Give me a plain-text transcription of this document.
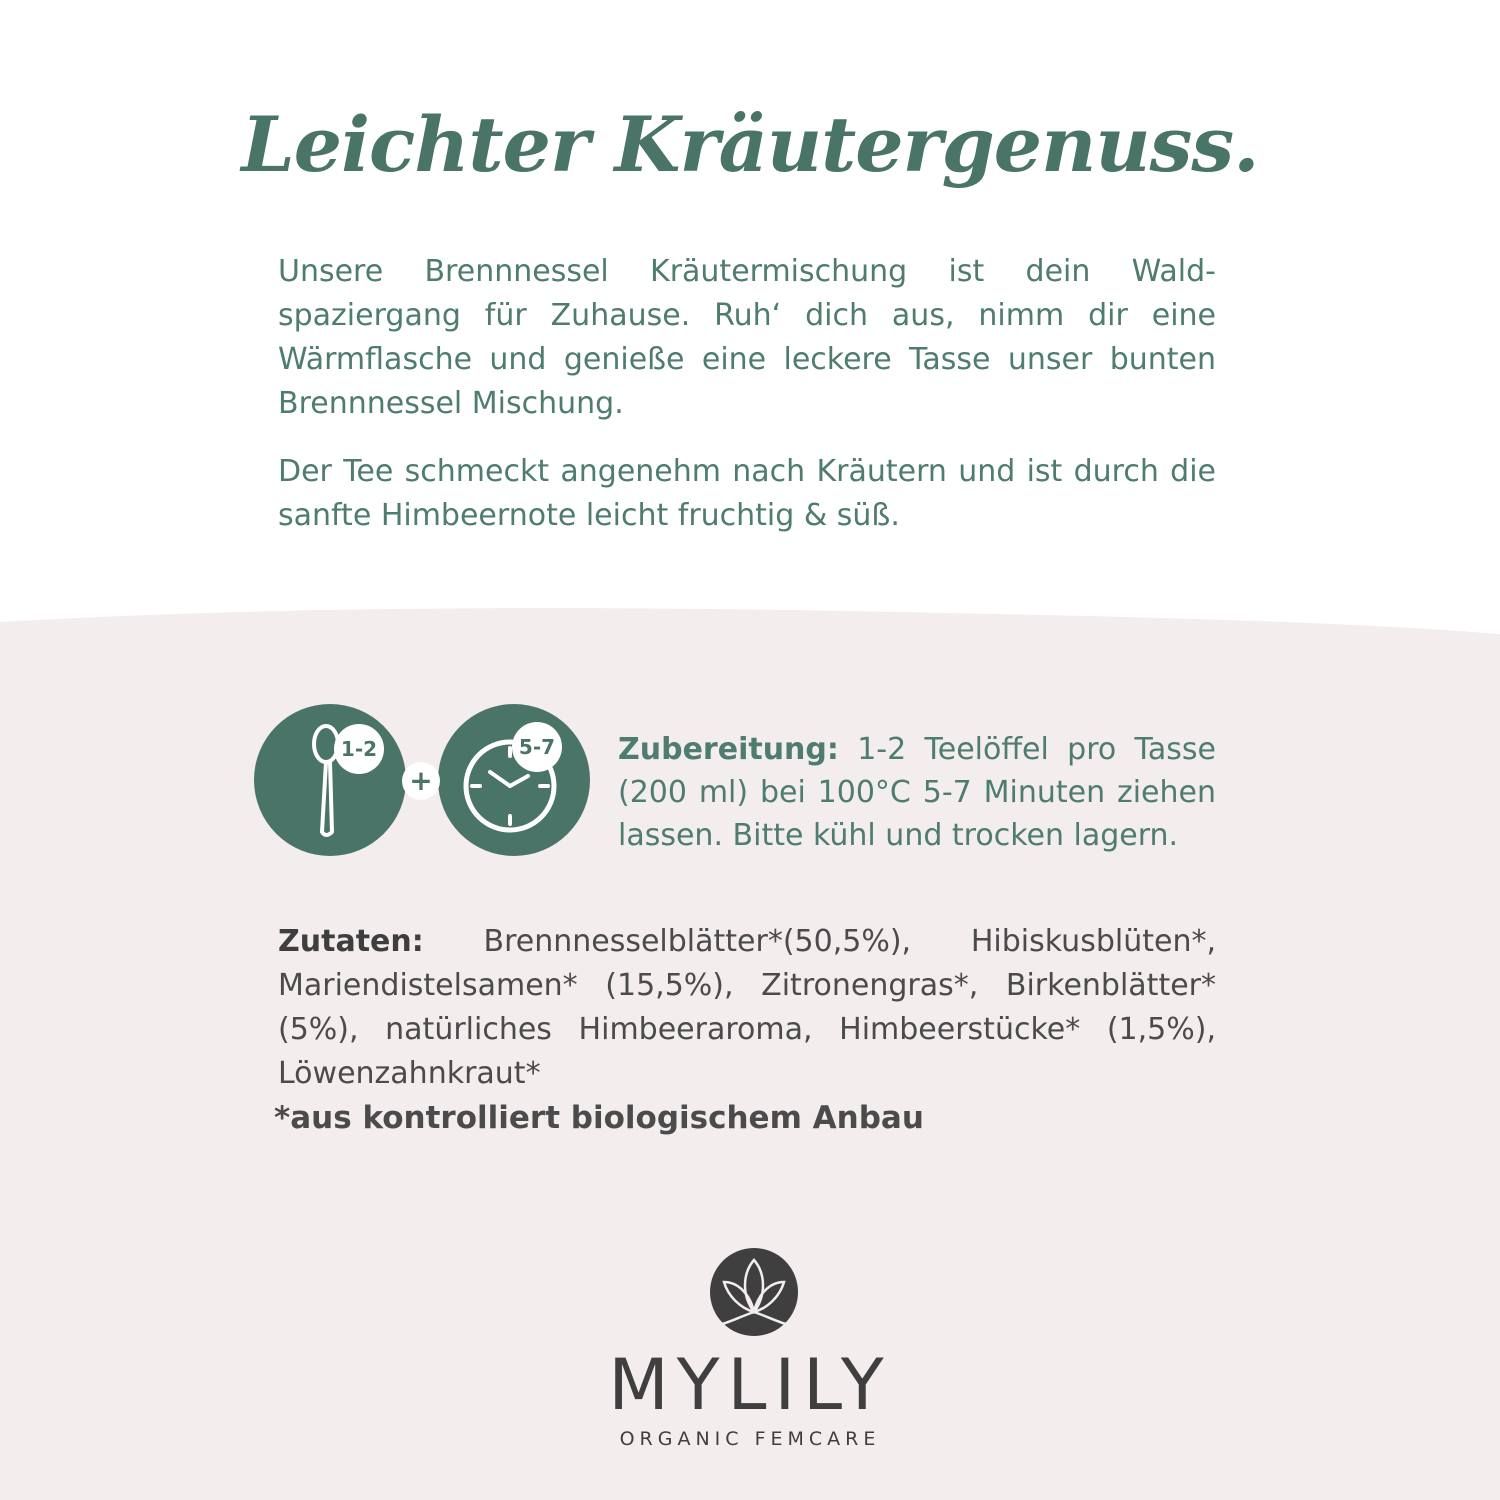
Leichter Kräutergenuss.

Unsere Brennnessel Kräutermischung ist dein Wald-spaziergang für Zuhause. Ruh‘ dich aus, nimm dir eine Wärmflasche und genieße eine leckere Tasse unser bunten Brennnessel Mischung.

Der Tee schmeckt angenehm nach Kräutern und ist durch die sanfte Himbeernote leicht fruchtig & süß.

1-2	5-7
+
Zubereitung: 1-2 Teelöffel pro Tasse (200 ml) bei 100°C 5-7 Minuten ziehen lassen. Bitte kühl und trocken lagern.
Zutaten: Brennnesselblätter*(50,5%), Hibiskusblüten*, Mariendistelsamen* (15,5%), Zitronengras*, Birkenblätter* (5%), natürliches Himbeeraroma, Himbeerstücke* (1,5%), Löwenzahnkraut*
*aus kontrolliert biologischem Anbau
MYLILY
ORGANIC FEMCARE
